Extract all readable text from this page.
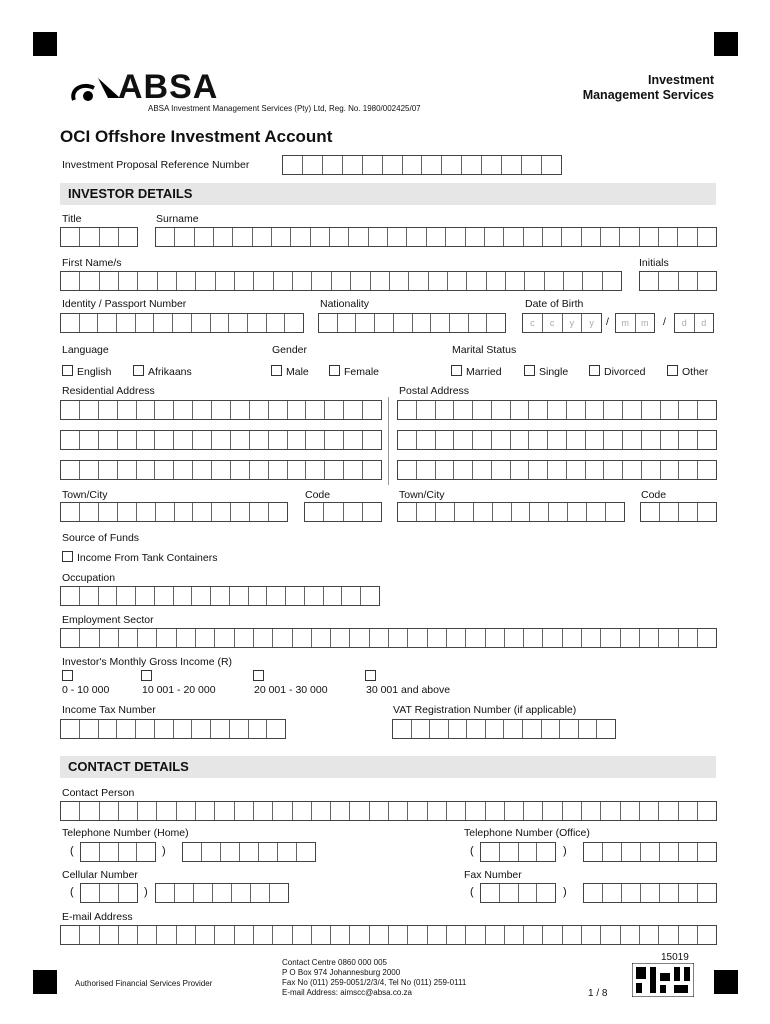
ABSA
ABSA Investment Management Services (Pty) Ltd, Reg. No. 1980/002425/07
Investment
Management Services
OCI Offshore Investment Account
Investment Proposal Reference Number
INVESTOR DETAILS
Title	Surname
First Name/s	Initials
Identity / Passport Number	Nationality	Date of Birth
c	c	y	y	/	m	m	/	d	d
Language	Gender	Marital Status
English	Afrikaans	Male	Female	Married	Single	Divorced	Other
Residential Address	Postal Address
Town/City	Code	Town/City	Code
Source of Funds
Income From Tank Containers
Occupation
Employment Sector
Investor's Monthly Gross Income (R)
0 - 10 000	10 001 - 20 000	20 001 - 30 000	30 001 and above
Income Tax Number	VAT Registration Number (if applicable)
CONTACT DETAILS
Contact Person
Telephone Number (Home)	Telephone Number (Office)
(	)	(	)
Cellular Number	Fax Number
(	)	(	)
E-mail Address
Authorised Financial Services Provider
Contact Centre 0860 000 005
P O Box 974 Johannesburg 2000
Fax No (011) 259-0051/2/3/4, Tel No (011) 259-0111
E-mail Address: aimscc@absa.co.za
15019
1 / 8
